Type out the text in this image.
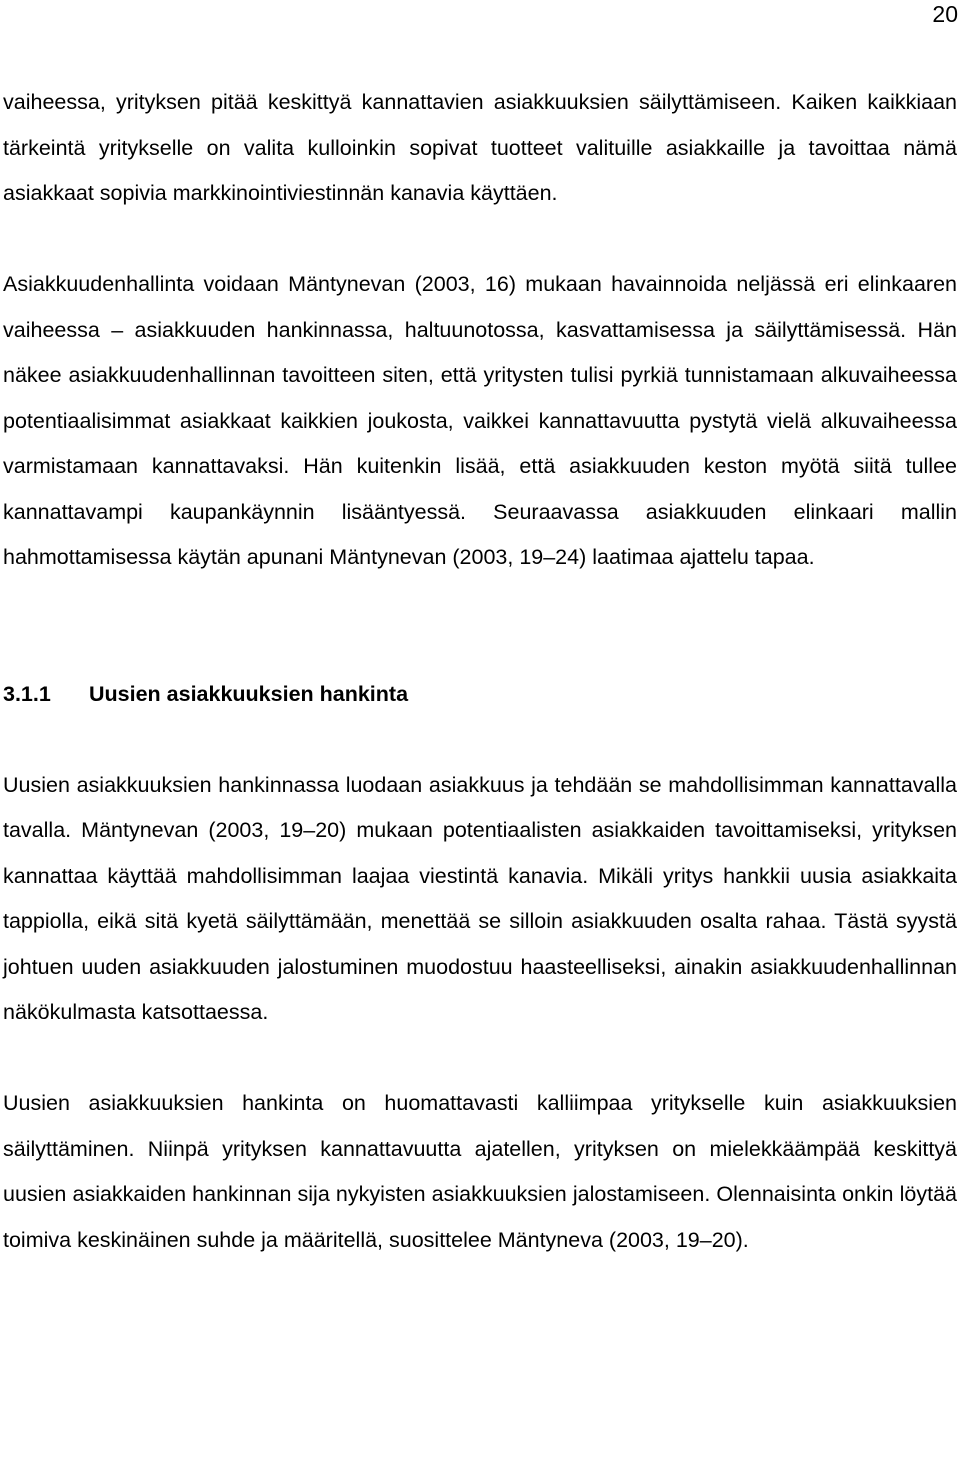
20

vaiheessa, yrityksen pitää keskittyä kannattavien asiakkuuksien säilyttämiseen. Kaiken kaikkiaan tärkeintä yritykselle on valita kulloinkin sopivat tuotteet valituille asiakkaille ja tavoittaa nämä asiakkaat sopivia markkinointiviestinnän kanavia käyttäen.

Asiakkuudenhallinta voidaan Mäntynevan (2003, 16) mukaan havainnoida neljässä eri elinkaaren vaiheessa – asiakkuuden hankinnassa, haltuunotossa, kasvattamisessa ja säilyttämisessä. Hän näkee asiakkuudenhallinnan tavoitteen siten, että yritysten tulisi pyrkiä tunnistamaan alkuvaiheessa potentiaalisimmat asiakkaat kaikkien joukosta, vaikkei kannattavuutta pystytä vielä alkuvaiheessa varmistamaan kannattavaksi. Hän kuitenkin lisää, että asiakkuuden keston myötä siitä tullee kannattavampi kaupankäynnin lisääntyessä. Seuraavassa asiakkuuden elinkaari mallin hahmottamisessa käytän apunani Mäntynevan (2003, 19–24) laatimaa ajattelu tapaa.

3.1.1 Uusien asiakkuuksien hankinta

Uusien asiakkuuksien hankinnassa luodaan asiakkuus ja tehdään se mahdollisimman kannattavalla tavalla. Mäntynevan (2003, 19–20) mukaan potentiaalisten asiakkaiden tavoittamiseksi, yrityksen kannattaa käyttää mahdollisimman laajaa viestintä kanavia. Mikäli yritys hankkii uusia asiakkaita tappiolla, eikä sitä kyetä säilyttämään, menettää se silloin asiakkuuden osalta rahaa. Tästä syystä johtuen uuden asiakkuuden jalostuminen muodostuu haasteelliseksi, ainakin asiakkuudenhallinnan näkökulmasta katsottaessa.

Uusien asiakkuuksien hankinta on huomattavasti kalliimpaa yritykselle kuin asiakkuuksien säilyttäminen. Niinpä yrityksen kannattavuutta ajatellen, yrityksen on mielekkäämpää keskittyä uusien asiakkaiden hankinnan sija nykyisten asiakkuuksien jalostamiseen. Olennaisinta onkin löytää toimiva keskinäinen suhde ja määritellä, suosittelee Mäntyneva (2003, 19–20).
